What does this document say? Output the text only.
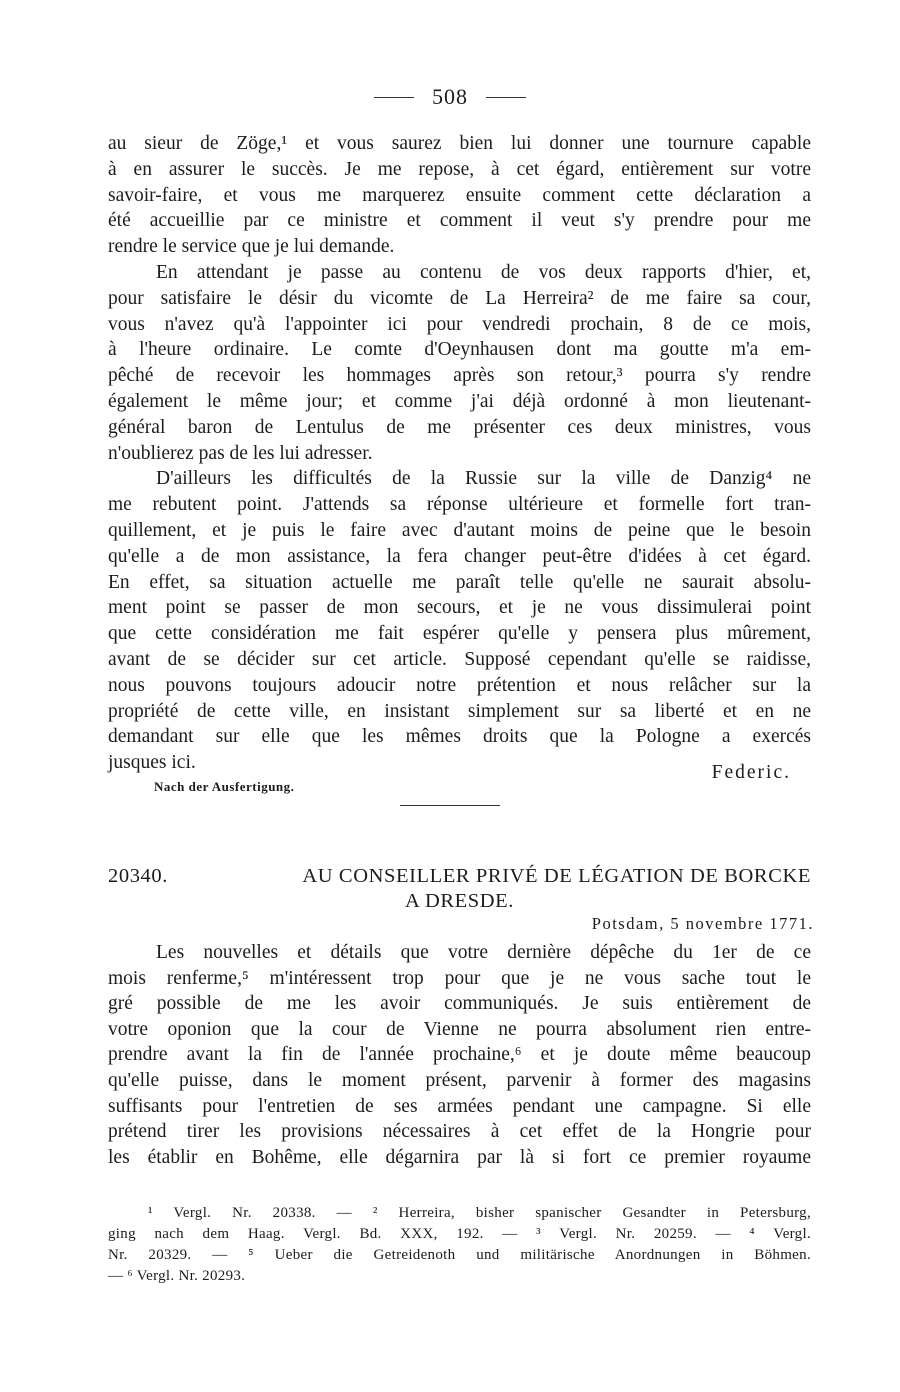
508
au sieur de Zöge,¹ et vous saurez bien lui donner une tournure capable
à en assurer le succès. Je me repose, à cet égard, entièrement sur votre
savoir-faire, et vous me marquerez ensuite comment cette déclaration a
été accueillie par ce ministre et comment il veut s'y prendre pour me
rendre le service que je lui demande.
En attendant je passe au contenu de vos deux rapports d'hier, et,
pour satisfaire le désir du vicomte de La Herreira² de me faire sa cour,
vous n'avez qu'à l'appointer ici pour vendredi prochain, 8 de ce mois,
à l'heure ordinaire. Le comte d'Oeynhausen dont ma goutte m'a em-
pêché de recevoir les hommages après son retour,³ pourra s'y rendre
également le même jour; et comme j'ai déjà ordonné à mon lieutenant-
général baron de Lentulus de me présenter ces deux ministres, vous
n'oublierez pas de les lui adresser.
D'ailleurs les difficultés de la Russie sur la ville de Danzig⁴ ne
me rebutent point. J'attends sa réponse ultérieure et formelle fort tran-
quillement, et je puis le faire avec d'autant moins de peine que le besoin
qu'elle a de mon assistance, la fera changer peut-être d'idées à cet égard.
En effet, sa situation actuelle me paraît telle qu'elle ne saurait absolu-
ment point se passer de mon secours, et je ne vous dissimulerai point
que cette considération me fait espérer qu'elle y pensera plus mûrement,
avant de se décider sur cet article. Supposé cependant qu'elle se raidisse,
nous pouvons toujours adoucir notre prétention et nous relâcher sur la
propriété de cette ville, en insistant simplement sur sa liberté et en ne
demandant sur elle que les mêmes droits que la Pologne a exercés
jusques ici.	Federic.
Nach der Ausfertigung.
20340.	AU CONSEILLER PRIVÉ DE LÉGATION DE BORCKE
A DRESDE.
Potsdam, 5 novembre 1771.
Les nouvelles et détails que votre dernière dépêche du 1er de ce
mois renferme,⁵ m'intéressent trop pour que je ne vous sache tout le
gré possible de me les avoir communiqués. Je suis entièrement de
votre oponion que la cour de Vienne ne pourra absolument rien entre-
prendre avant la fin de l'année prochaine,⁶ et je doute même beaucoup
qu'elle puisse, dans le moment présent, parvenir à former des magasins
suffisants pour l'entretien de ses armées pendant une campagne. Si elle
prétend tirer les provisions nécessaires à cet effet de la Hongrie pour
les établir en Bohême, elle dégarnira par là si fort ce premier royaume
¹ Vergl. Nr. 20338. — ² Herreira, bisher spanischer Gesandter in Petersburg,
ging nach dem Haag. Vergl. Bd. XXX, 192. — ³ Vergl. Nr. 20259. — ⁴ Vergl.
Nr. 20329. — ⁵ Ueber die Getreidenoth und militärische Anordnungen in Böhmen.
— ⁶ Vergl. Nr. 20293.
